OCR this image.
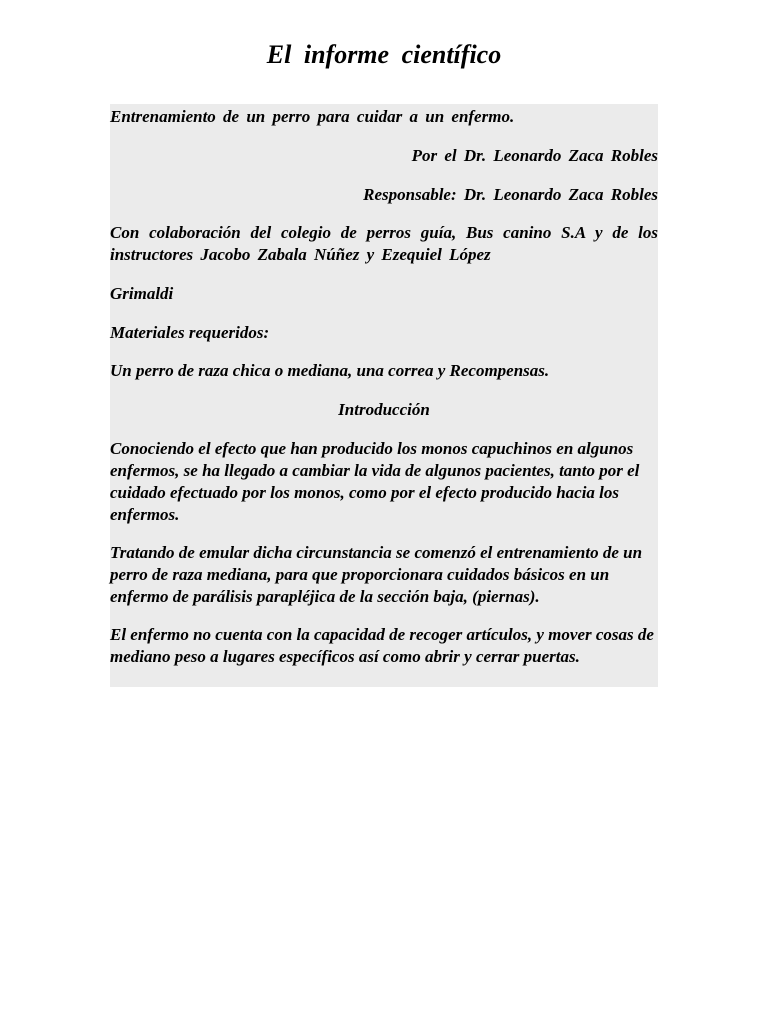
El informe científico

Entrenamiento de un perro para cuidar a un enfermo.

Por el Dr. Leonardo Zaca Robles

Responsable: Dr. Leonardo Zaca Robles

Con colaboración del colegio de perros guía, Bus canino S.A y de los instructores Jacobo Zabala Núñez y Ezequiel López

Grimaldi

Materiales requeridos:

Un perro de raza chica o mediana, una correa y Recompensas.

Introducción

Conociendo el efecto que han producido los monos capuchinos en algunos enfermos, se ha llegado a cambiar la vida de algunos pacientes, tanto por el cuidado efectuado por los monos, como por el efecto producido hacia los enfermos.

Tratando de emular dicha circunstancia se comenzó el entrenamiento de un perro de raza mediana, para que proporcionara cuidados básicos en un enfermo de parálisis parapléjica de la sección baja, (piernas).

El enfermo no cuenta con la capacidad de recoger artículos, y mover cosas de mediano peso a lugares específicos así como abrir y cerrar puertas.
